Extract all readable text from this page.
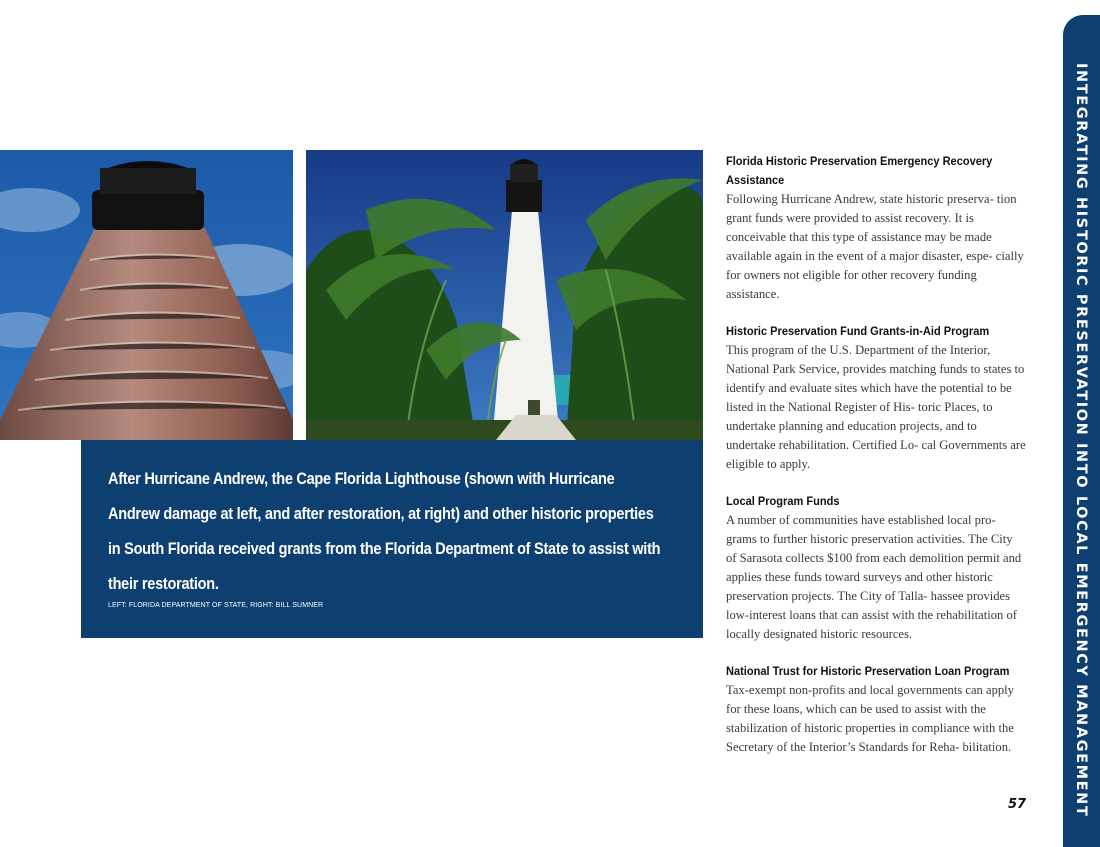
After Hurricane Andrew, the Cape Florida Lighthouse (shown with Hurricane Andrew damage at left, and after restoration, at right) and other historic properties in South Florida received grants from the Florida Department of State to assist with their restoration.
LEFT: FLORIDA DEPARTMENT OF STATE, RIGHT: BILL SUMNER
Florida Historic Preservation Emergency Recovery Assistance

Following Hurricane Andrew, state historic preserva- tion grant funds were provided to assist recovery. It is conceivable that this type of assistance may be made available again in the event of a major disaster, espe- cially for owners not eligible for other recovery funding assistance.

Historic Preservation Fund Grants-in-Aid Program

This program of the U.S. Department of the Interior, National Park Service, provides matching funds to states to identify and evaluate sites which have the potential to be listed in the National Register of His- toric Places, to undertake planning and education projects, and to undertake rehabilitation. Certified Lo- cal Governments are eligible to apply.

Local Program Funds

A number of communities have established local pro- grams to further historic preservation activities. The City of Sarasota collects $100 from each demolition permit and applies these funds toward surveys and other historic preservation projects. The City of Talla- hassee provides low-interest loans that can assist with the rehabilitation of locally designated historic resources.

National Trust for Historic Preservation Loan Program

Tax-exempt non-profits and local governments can apply for these loans, which can be used to assist with the stabilization of historic properties in compliance with the Secretary of the Interior’s Standards for Reha- bilitation.	INTEGRATING HISTORIC PRESERVATION INTO LOCAL EMERGENCY MANAGEMENT
57
